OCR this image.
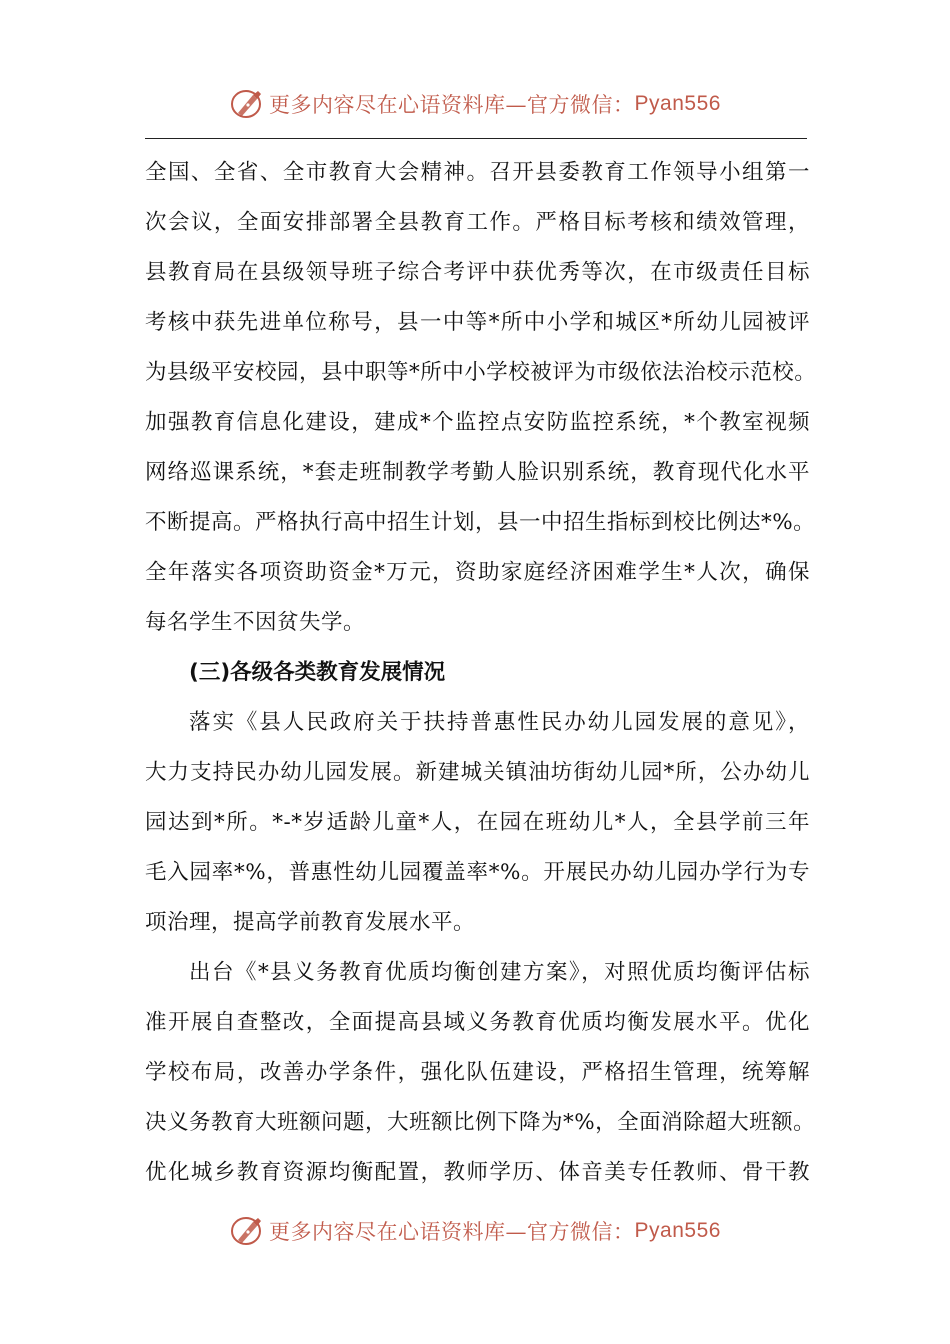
更多内容尽在心语资料库—官方微信： Pyan556
全国、全省、全市教育大会精神。召开县委教育工作领导小组第一
次会议，全面安排部署全县教育工作。严格目标考核和绩效管理，
县教育局在县级领导班子综合考评中获优秀等次，在市级责任目标
考核中获先进单位称号，县一中等*所中小学和城区*所幼儿园被评
为县级平安校园，县中职等*所中小学校被评为市级依法治校示范校。
加强教育信息化建设，建成*个监控点安防监控系统，*个教室视频
网络巡课系统，*套走班制教学考勤人脸识别系统，教育现代化水平
不断提高。严格执行高中招生计划，县一中招生指标到校比例达*%。
全年落实各项资助资金*万元，资助家庭经济困难学生*人次，确保
每名学生不因贫失学。
(三)各级各类教育发展情况
落实《县人民政府关于扶持普惠性民办幼儿园发展的意见》，
大力支持民办幼儿园发展。新建城关镇油坊街幼儿园*所，公办幼儿
园达到*所。*-*岁适龄儿童*人，在园在班幼儿*人，全县学前三年
毛入园率*%，普惠性幼儿园覆盖率*%。开展民办幼儿园办学行为专
项治理，提高学前教育发展水平。
出台《*县义务教育优质均衡创建方案》，对照优质均衡评估标
准开展自查整改，全面提高县域义务教育优质均衡发展水平。优化
学校布局，改善办学条件，强化队伍建设，严格招生管理，统筹解
决义务教育大班额问题，大班额比例下降为*%，全面消除超大班额。
优化城乡教育资源均衡配置，教师学历、体音美专任教师、骨干教
更多内容尽在心语资料库—官方微信： Pyan556
